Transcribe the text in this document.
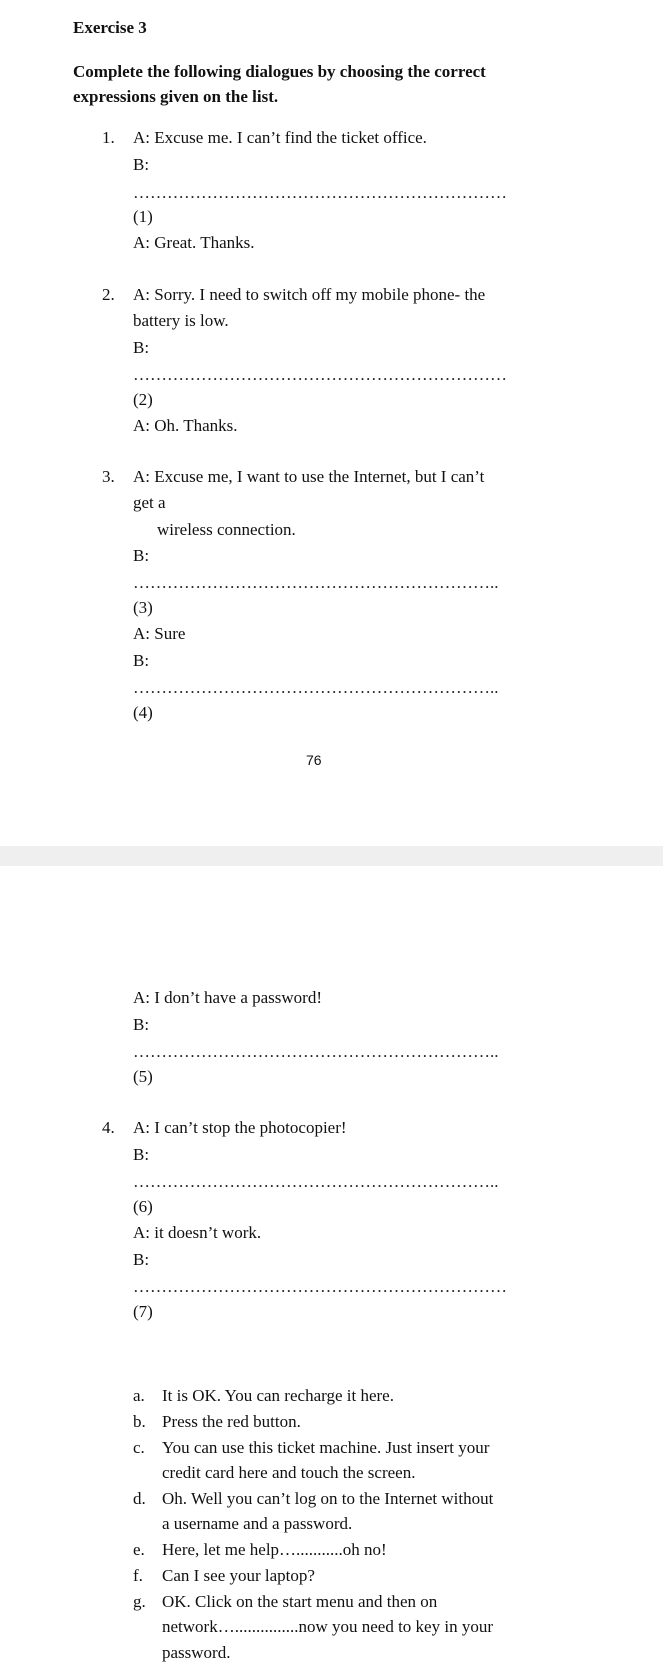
Exercise 3
Complete the following dialogues by choosing the correct
expressions given on the list.
1. A: Excuse me. I can’t find the ticket office.
B:
…………………………………………………………
(1)
A: Great. Thanks.
2. A: Sorry. I need to switch off my mobile phone- the
battery is low.
B:
…………………………………………………………
(2)
A: Oh. Thanks.
3. A: Excuse me, I want to use the Internet, but I can’t
get a
wireless connection.
B:
………………………………………………………..
(3)
A: Sure
B:
………………………………………………………..
(4)
76
A: I don’t have a password!
B:
………………………………………………………..
(5)
4. A: I can’t stop the photocopier!
B:
………………………………………………………..
(6)
A: it doesn’t work.
B:
…………………………………………………………
(7)
a. It is OK. You can recharge it here.
b. Press the red button.
c. You can use this ticket machine. Just insert your
credit card here and touch the screen.
d. Oh. Well you can’t log on to the Internet without
a username and a password.
e. Here, let me help…...........oh no!
f. Can I see your laptop?
g. OK. Click on the start menu and then on
network…...............now you need to key in your
password.
